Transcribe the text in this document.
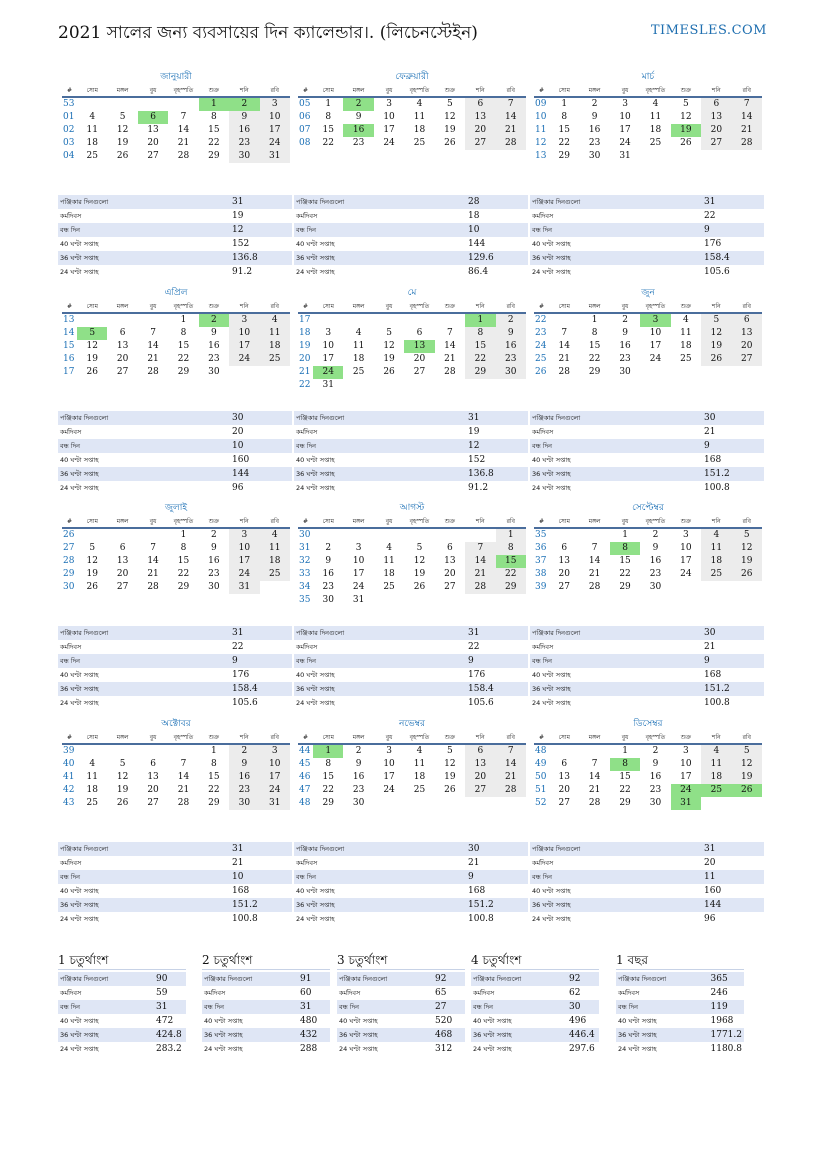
2021 সালের জন্য ব্যবসায়ের দিন ক্যালেন্ডার।. (লিচেনস্টেইন)	TIMESLES.COM
জানুয়ারী
#	সোম	মঙ্গল	বুধ	বৃহস্পতি	শুক্র	শনি	রবি
53					1	2	3
01	4	5	6	7	8	9	10
02	11	12	13	14	15	16	17
03	18	19	20	21	22	23	24
04	25	26	27	28	29	30	31
ফেব্রুয়ারী
#	সোম	মঙ্গল	বুধ	বৃহস্পতি	শুক্র	শনি	রবি
05	1	2	3	4	5	6	7
06	8	9	10	11	12	13	14
07	15	16	17	18	19	20	21
08	22	23	24	25	26	27	28
মার্চ
#	সোম	মঙ্গল	বুধ	বৃহস্পতি	শুক্র	শনি	রবি
09	1	2	3	4	5	6	7
10	8	9	10	11	12	13	14
11	15	16	17	18	19	20	21
12	22	23	24	25	26	27	28
13	29	30	31				
এপ্রিল
#	সোম	মঙ্গল	বুধ	বৃহস্পতি	শুক্র	শনি	রবি
13				1	2	3	4
14	5	6	7	8	9	10	11
15	12	13	14	15	16	17	18
16	19	20	21	22	23	24	25
17	26	27	28	29	30		
মে
#	সোম	মঙ্গল	বুধ	বৃহস্পতি	শুক্র	শনি	রবি
17						1	2
18	3	4	5	6	7	8	9
19	10	11	12	13	14	15	16
20	17	18	19	20	21	22	23
21	24	25	26	27	28	29	30
22	31						
জুন
#	সোম	মঙ্গল	বুধ	বৃহস্পতি	শুক্র	শনি	রবি
22		1	2	3	4	5	6
23	7	8	9	10	11	12	13
24	14	15	16	17	18	19	20
25	21	22	23	24	25	26	27
26	28	29	30				
জুলাই
#	সোম	মঙ্গল	বুধ	বৃহস্পতি	শুক্র	শনি	রবি
26				1	2	3	4
27	5	6	7	8	9	10	11
28	12	13	14	15	16	17	18
29	19	20	21	22	23	24	25
30	26	27	28	29	30	31	
আগস্ট
#	সোম	মঙ্গল	বুধ	বৃহস্পতি	শুক্র	শনি	রবি
30							1
31	2	3	4	5	6	7	8
32	9	10	11	12	13	14	15
33	16	17	18	19	20	21	22
34	23	24	25	26	27	28	29
35	30	31					
সেপ্টেম্বর
#	সোম	মঙ্গল	বুধ	বৃহস্পতি	শুক্র	শনি	রবি
35			1	2	3	4	5
36	6	7	8	9	10	11	12
37	13	14	15	16	17	18	19
38	20	21	22	23	24	25	26
39	27	28	29	30			
অক্টোবর
#	সোম	মঙ্গল	বুধ	বৃহস্পতি	শুক্র	শনি	রবি
39					1	2	3
40	4	5	6	7	8	9	10
41	11	12	13	14	15	16	17
42	18	19	20	21	22	23	24
43	25	26	27	28	29	30	31
নভেম্বর
#	সোম	মঙ্গল	বুধ	বৃহস্পতি	শুক্র	শনি	রবি
44	1	2	3	4	5	6	7
45	8	9	10	11	12	13	14
46	15	16	17	18	19	20	21
47	22	23	24	25	26	27	28
48	29	30					
ডিসেম্বর
#	সোম	মঙ্গল	বুধ	বৃহস্পতি	শুক্র	শনি	রবি
48			1	2	3	4	5
49	6	7	8	9	10	11	12
50	13	14	15	16	17	18	19
51	20	21	22	23	24	25	26
52	27	28	29	30	31		
পঞ্জিকার দিনগুলো	31
কর্মদিবস	19
বন্ধ দিন	12
40 ঘণ্টা সপ্তাহ	152
36 ঘণ্টা সপ্তাহ	136.8
24 ঘণ্টা সপ্তাহ	91.2
পঞ্জিকার দিনগুলো	28
কর্মদিবস	18
বন্ধ দিন	10
40 ঘণ্টা সপ্তাহ	144
36 ঘণ্টা সপ্তাহ	129.6
24 ঘণ্টা সপ্তাহ	86.4
পঞ্জিকার দিনগুলো	31
কর্মদিবস	22
বন্ধ দিন	9
40 ঘণ্টা সপ্তাহ	176
36 ঘণ্টা সপ্তাহ	158.4
24 ঘণ্টা সপ্তাহ	105.6
পঞ্জিকার দিনগুলো	30
কর্মদিবস	20
বন্ধ দিন	10
40 ঘণ্টা সপ্তাহ	160
36 ঘণ্টা সপ্তাহ	144
24 ঘণ্টা সপ্তাহ	96
পঞ্জিকার দিনগুলো	31
কর্মদিবস	19
বন্ধ দিন	12
40 ঘণ্টা সপ্তাহ	152
36 ঘণ্টা সপ্তাহ	136.8
24 ঘণ্টা সপ্তাহ	91.2
পঞ্জিকার দিনগুলো	30
কর্মদিবস	21
বন্ধ দিন	9
40 ঘণ্টা সপ্তাহ	168
36 ঘণ্টা সপ্তাহ	151.2
24 ঘণ্টা সপ্তাহ	100.8
পঞ্জিকার দিনগুলো	31
কর্মদিবস	22
বন্ধ দিন	9
40 ঘণ্টা সপ্তাহ	176
36 ঘণ্টা সপ্তাহ	158.4
24 ঘণ্টা সপ্তাহ	105.6
পঞ্জিকার দিনগুলো	31
কর্মদিবস	22
বন্ধ দিন	9
40 ঘণ্টা সপ্তাহ	176
36 ঘণ্টা সপ্তাহ	158.4
24 ঘণ্টা সপ্তাহ	105.6
পঞ্জিকার দিনগুলো	30
কর্মদিবস	21
বন্ধ দিন	9
40 ঘণ্টা সপ্তাহ	168
36 ঘণ্টা সপ্তাহ	151.2
24 ঘণ্টা সপ্তাহ	100.8
পঞ্জিকার দিনগুলো	31
কর্মদিবস	21
বন্ধ দিন	10
40 ঘণ্টা সপ্তাহ	168
36 ঘণ্টা সপ্তাহ	151.2
24 ঘণ্টা সপ্তাহ	100.8
পঞ্জিকার দিনগুলো	30
কর্মদিবস	21
বন্ধ দিন	9
40 ঘণ্টা সপ্তাহ	168
36 ঘণ্টা সপ্তাহ	151.2
24 ঘণ্টা সপ্তাহ	100.8
পঞ্জিকার দিনগুলো	31
কর্মদিবস	20
বন্ধ দিন	11
40 ঘণ্টা সপ্তাহ	160
36 ঘণ্টা সপ্তাহ	144
24 ঘণ্টা সপ্তাহ	96
1 চতুর্থাংশ
পঞ্জিকার দিনগুলো	90
কর্মদিবস	59
বন্ধ দিন	31
40 ঘণ্টা সপ্তাহ	472
36 ঘণ্টা সপ্তাহ	424.8
24 ঘণ্টা সপ্তাহ	283.2
2 চতুর্থাংশ
পঞ্জিকার দিনগুলো	91
কর্মদিবস	60
বন্ধ দিন	31
40 ঘণ্টা সপ্তাহ	480
36 ঘণ্টা সপ্তাহ	432
24 ঘণ্টা সপ্তাহ	288
3 চতুর্থাংশ
পঞ্জিকার দিনগুলো	92
কর্মদিবস	65
বন্ধ দিন	27
40 ঘণ্টা সপ্তাহ	520
36 ঘণ্টা সপ্তাহ	468
24 ঘণ্টা সপ্তাহ	312
4 চতুর্থাংশ
পঞ্জিকার দিনগুলো	92
কর্মদিবস	62
বন্ধ দিন	30
40 ঘণ্টা সপ্তাহ	496
36 ঘণ্টা সপ্তাহ	446.4
24 ঘণ্টা সপ্তাহ	297.6
1 বছর
পঞ্জিকার দিনগুলো	365
কর্মদিবস	246
বন্ধ দিন	119
40 ঘণ্টা সপ্তাহ	1968
36 ঘণ্টা সপ্তাহ	1771.2
24 ঘণ্টা সপ্তাহ	1180.8
